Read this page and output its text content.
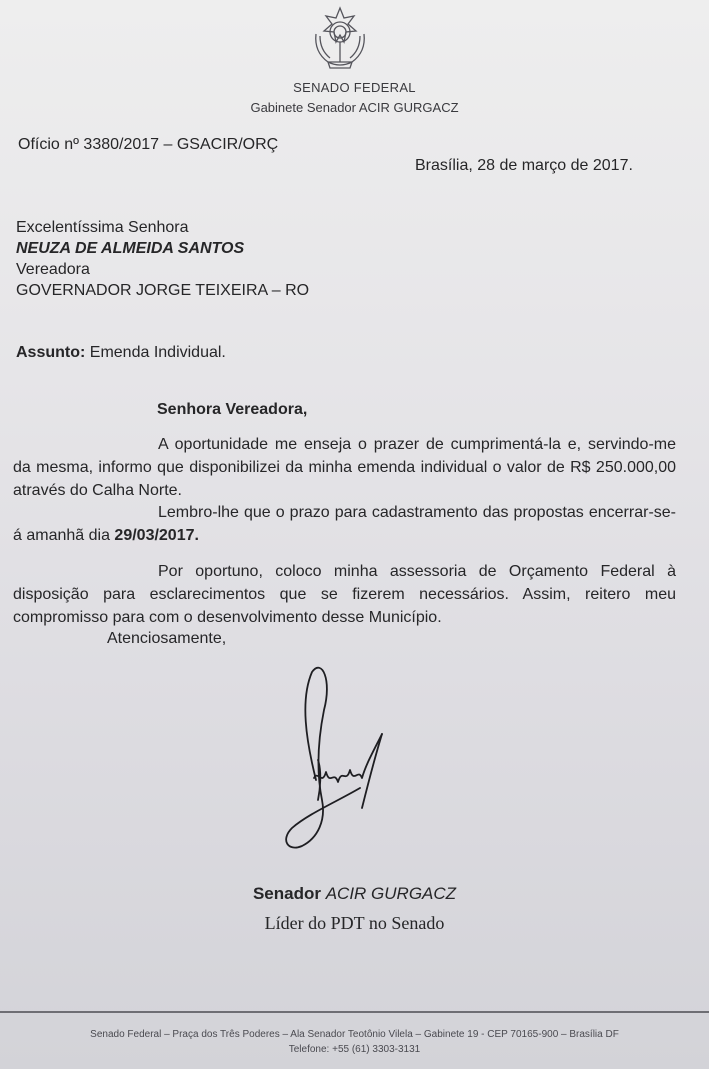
SENADO FEDERAL
Gabinete Senador ACIR GURGACZ
Ofício nº 3380/2017 – GSACIR/ORÇ
Brasília, 28 de março de 2017.
Excelentíssima Senhora
NEUZA DE ALMEIDA SANTOS
Vereadora
GOVERNADOR JORGE TEIXEIRA – RO
Assunto: Emenda Individual.
Senhora Vereadora,
A oportunidade me enseja o prazer de cumprimentá-la e, servindo-me da mesma, informo que disponibilizei da minha emenda individual o valor de R$ 250.000,00 através do Calha Norte.
Lembro-lhe que o prazo para cadastramento das propostas encerrar-se-á amanhã dia 29/03/2017.
Por oportuno, coloco minha assessoria de Orçamento Federal à disposição para esclarecimentos que se fizerem necessários. Assim, reitero meu compromisso para com o desenvolvimento desse Município.
Atenciosamente,
Senador ACIR GURGACZ
Líder do PDT no Senado
Senado Federal – Praça dos Três Poderes – Ala Senador Teotônio Vilela – Gabinete 19 - CEP 70165-900 – Brasília DF
Telefone: +55 (61) 3303-3131
